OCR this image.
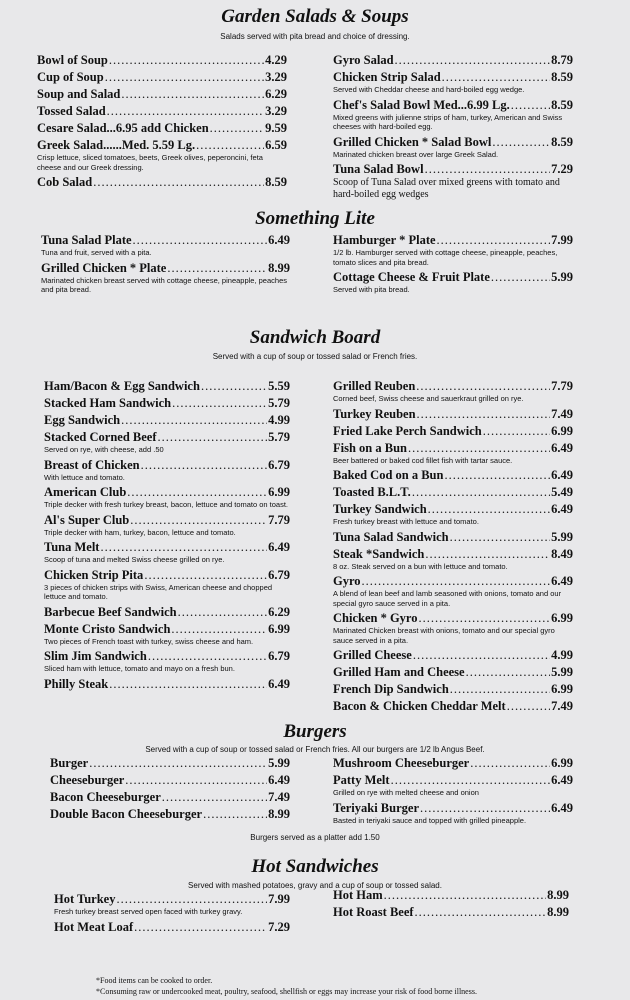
Garden Salads & Soups

Salads served with pita bread and choice of dressing.

Bowl of Soup .....	4.29
Cup of Soup .....	3.29
Soup and Salad .....	6.29
Tossed Salad .....	3.29
Cesare Salad...6.95 add Chicken .....	9.59
Greek Salad......Med. 5.59 Lg. .....	6.59
Crisp lettuce, sliced tomatoes, beets, Greek olives, peperoncini, feta cheese and our Greek dressing.
Cob Salad .....	8.59
Gyro Salad .....	8.79
Chicken Strip Salad .....	8.59
Served with Cheddar cheese and hard-boiled egg wedge.
Chef's Salad Bowl Med...6.99 Lg. .....	8.59
Mixed greens with julienne strips of ham, turkey, American and Swiss cheeses with hard-boiled egg.
Grilled Chicken * Salad Bowl .....	8.59
Marinated chicken breast over large Greek Salad.
Tuna Salad Bowl .....	7.29
Scoop of Tuna Salad over mixed greens with tomato and hard-boiled egg wedges
Something Lite
Tuna Salad Plate .....	6.49
Tuna and fruit, served with a pita.
Grilled Chicken * Plate .....	8.99
Marinated chicken breast served with cottage cheese, pineapple, peaches and pita bread.
Hamburger * Plate .....	7.99
1/2 lb. Hamburger served with cottage cheese, pineapple, peaches, tomato slices and pita bread.
Cottage Cheese & Fruit Plate .....	5.99
Served with pita bread.
Sandwich Board

Served with a cup of soup or tossed salad or French fries.

Ham/Bacon & Egg Sandwich .....	5.59
Stacked Ham Sandwich .....	5.79
Egg Sandwich .....	4.99
Stacked Corned Beef .....	5.79
Served on rye, with cheese, add .50
Breast of Chicken .....	6.79
With lettuce and tomato.
American Club .....	6.99
Triple decker with fresh turkey breast, bacon, lettuce and tomato on toast.
Al's Super Club .....	7.79
Triple decker with ham, turkey, bacon, lettuce and tomato.
Tuna Melt .....	6.49
Scoop of tuna and melted Swiss cheese grilled on rye.
Chicken Strip Pita .....	6.79
3 pieces of chicken strips with Swiss, American cheese and chopped lettuce and tomato.
Barbecue Beef Sandwich .....	6.29
Monte Cristo Sandwich .....	6.99
Two pieces of French toast with turkey, swiss cheese and ham.
Slim Jim Sandwich .....	6.79
Sliced ham with lettuce, tomato and mayo on a fresh bun.
Philly Steak .....	6.49
Grilled Reuben .....	7.79
Corned beef, Swiss cheese and sauerkraut grilled on rye.
Turkey Reuben .....	7.49
Fried Lake Perch Sandwich .....	6.99
Fish on a Bun .....	6.49
Beer battered or baked cod fillet fish with tartar sauce.
Baked Cod on a Bun .....	6.49
Toasted B.L.T. .....	5.49
Turkey Sandwich .....	6.49
Fresh turkey breast with lettuce and tomato.
Tuna Salad Sandwich .....	5.99
Steak *Sandwich .....	8.49
8 oz. Steak served on a bun with lettuce and tomato.
Gyro .....	6.49
A blend of lean beef and lamb seasoned with onions, tomato and our special gyro sauce served in a pita.
Chicken * Gyro .....	6.99
Marinated Chicken breast with onions, tomato and our special gyro sauce served in a pita.
Grilled Cheese .....	4.99
Grilled Ham and Cheese .....	5.99
French Dip Sandwich .....	6.99
Bacon & Chicken Cheddar Melt .....	7.49
Burgers

Served with a cup of soup or tossed salad or French fries. All our burgers are 1/2 lb Angus Beef.

Burger .....	5.99
Cheeseburger .....	6.49
Bacon Cheeseburger .....	7.49
Double Bacon Cheeseburger .....	8.99
Mushroom Cheeseburger .....	6.99
Patty Melt .....	6.49
Grilled on rye with melted cheese and onion
Teriyaki Burger .....	6.49
Basted in teriyaki sauce and topped with grilled pineapple.
Burgers served as a platter add 1.50
Hot Sandwiches

Served with mashed potatoes, gravy and a cup of soup or tossed salad.

Hot Turkey .....	7.99
Fresh turkey breast served open faced with turkey gravy.
Hot Meat Loaf .....	7.29
Hot Ham .....	8.99
Hot Roast Beef .....	8.99
*Food items can be cooked to order.
*Consuming raw or undercooked meat, poultry, seafood, shellfish or eggs may increase your risk of food borne illness.
